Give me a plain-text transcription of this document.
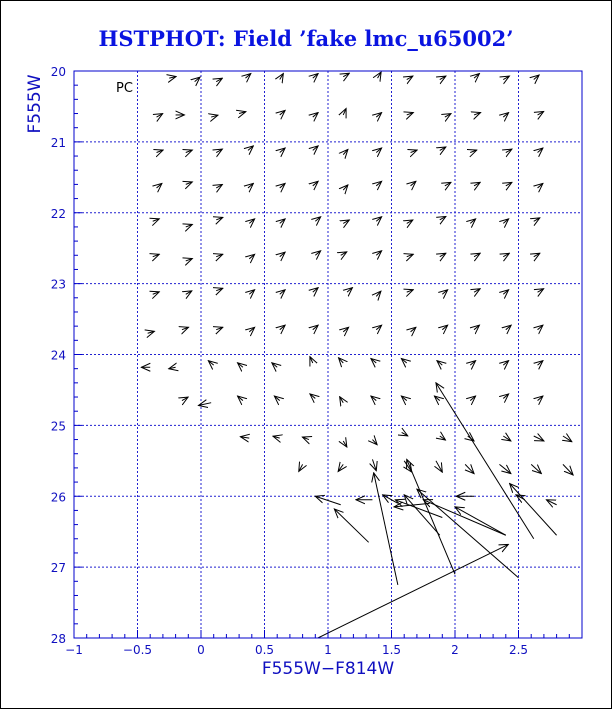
HSTPHOT: Field ’fake lmc_u65002’
−1	−0.5	0	0.5	1	1.5	2	2.5
20
21
22
23
24
25
26
27
28
PC
F555W−F814W
F555W
